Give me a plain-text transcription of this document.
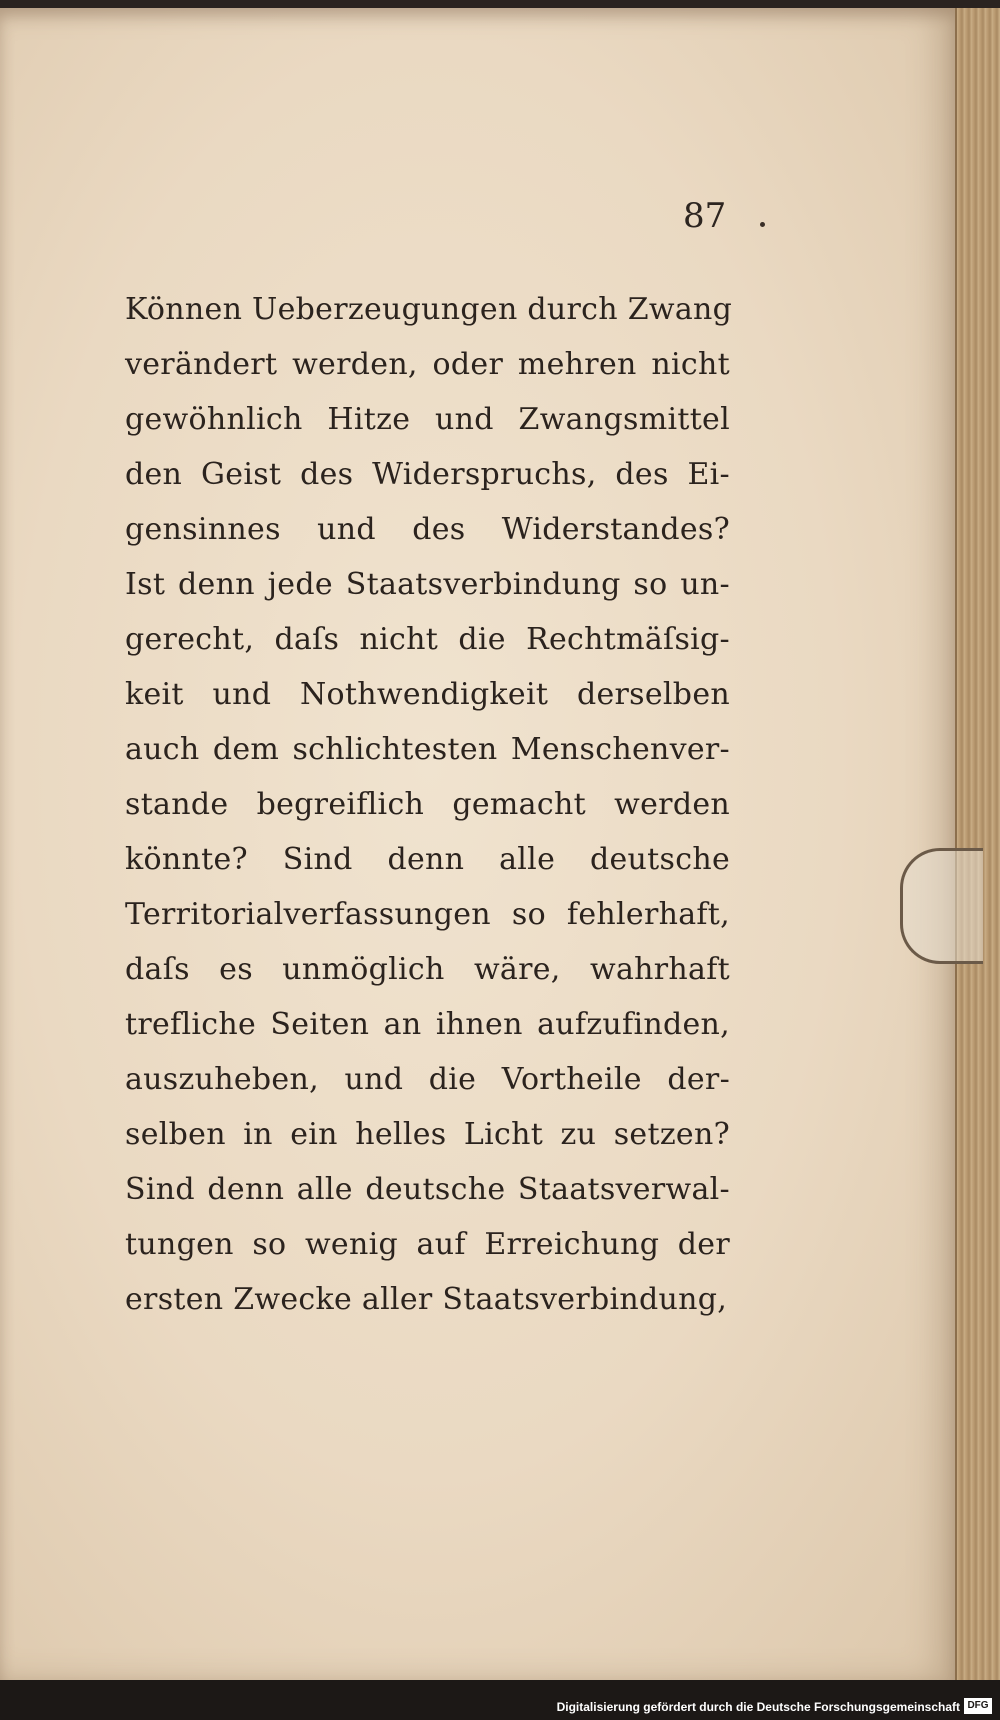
87
Können Ueberzeugungen durch Zwang
verändert werden, oder mehren nicht
gewöhnlich Hitze und Zwangsmittel
den Geist des Widerspruchs, des Ei-
gensinnes und des Widerstandes?
Ist denn jede Staatsverbindung so un-
gerecht, daſs nicht die Rechtmäſsig-
keit und Nothwendigkeit derselben
auch dem schlichtesten Menschenver-
stande begreiflich gemacht werden
könnte? Sind denn alle deutsche
Territorialverfassungen so fehlerhaft,
daſs es unmöglich wäre, wahrhaft
trefliche Seiten an ihnen aufzufinden,
auszuheben, und die Vortheile der-
selben in ein helles Licht zu setzen?
Sind denn alle deutsche Staatsverwal-
tungen so wenig auf Erreichung der
ersten Zwecke aller Staatsverbindung,
Digitalisierung gefördert durch die Deutsche Forschungsgemeinschaft DFG
